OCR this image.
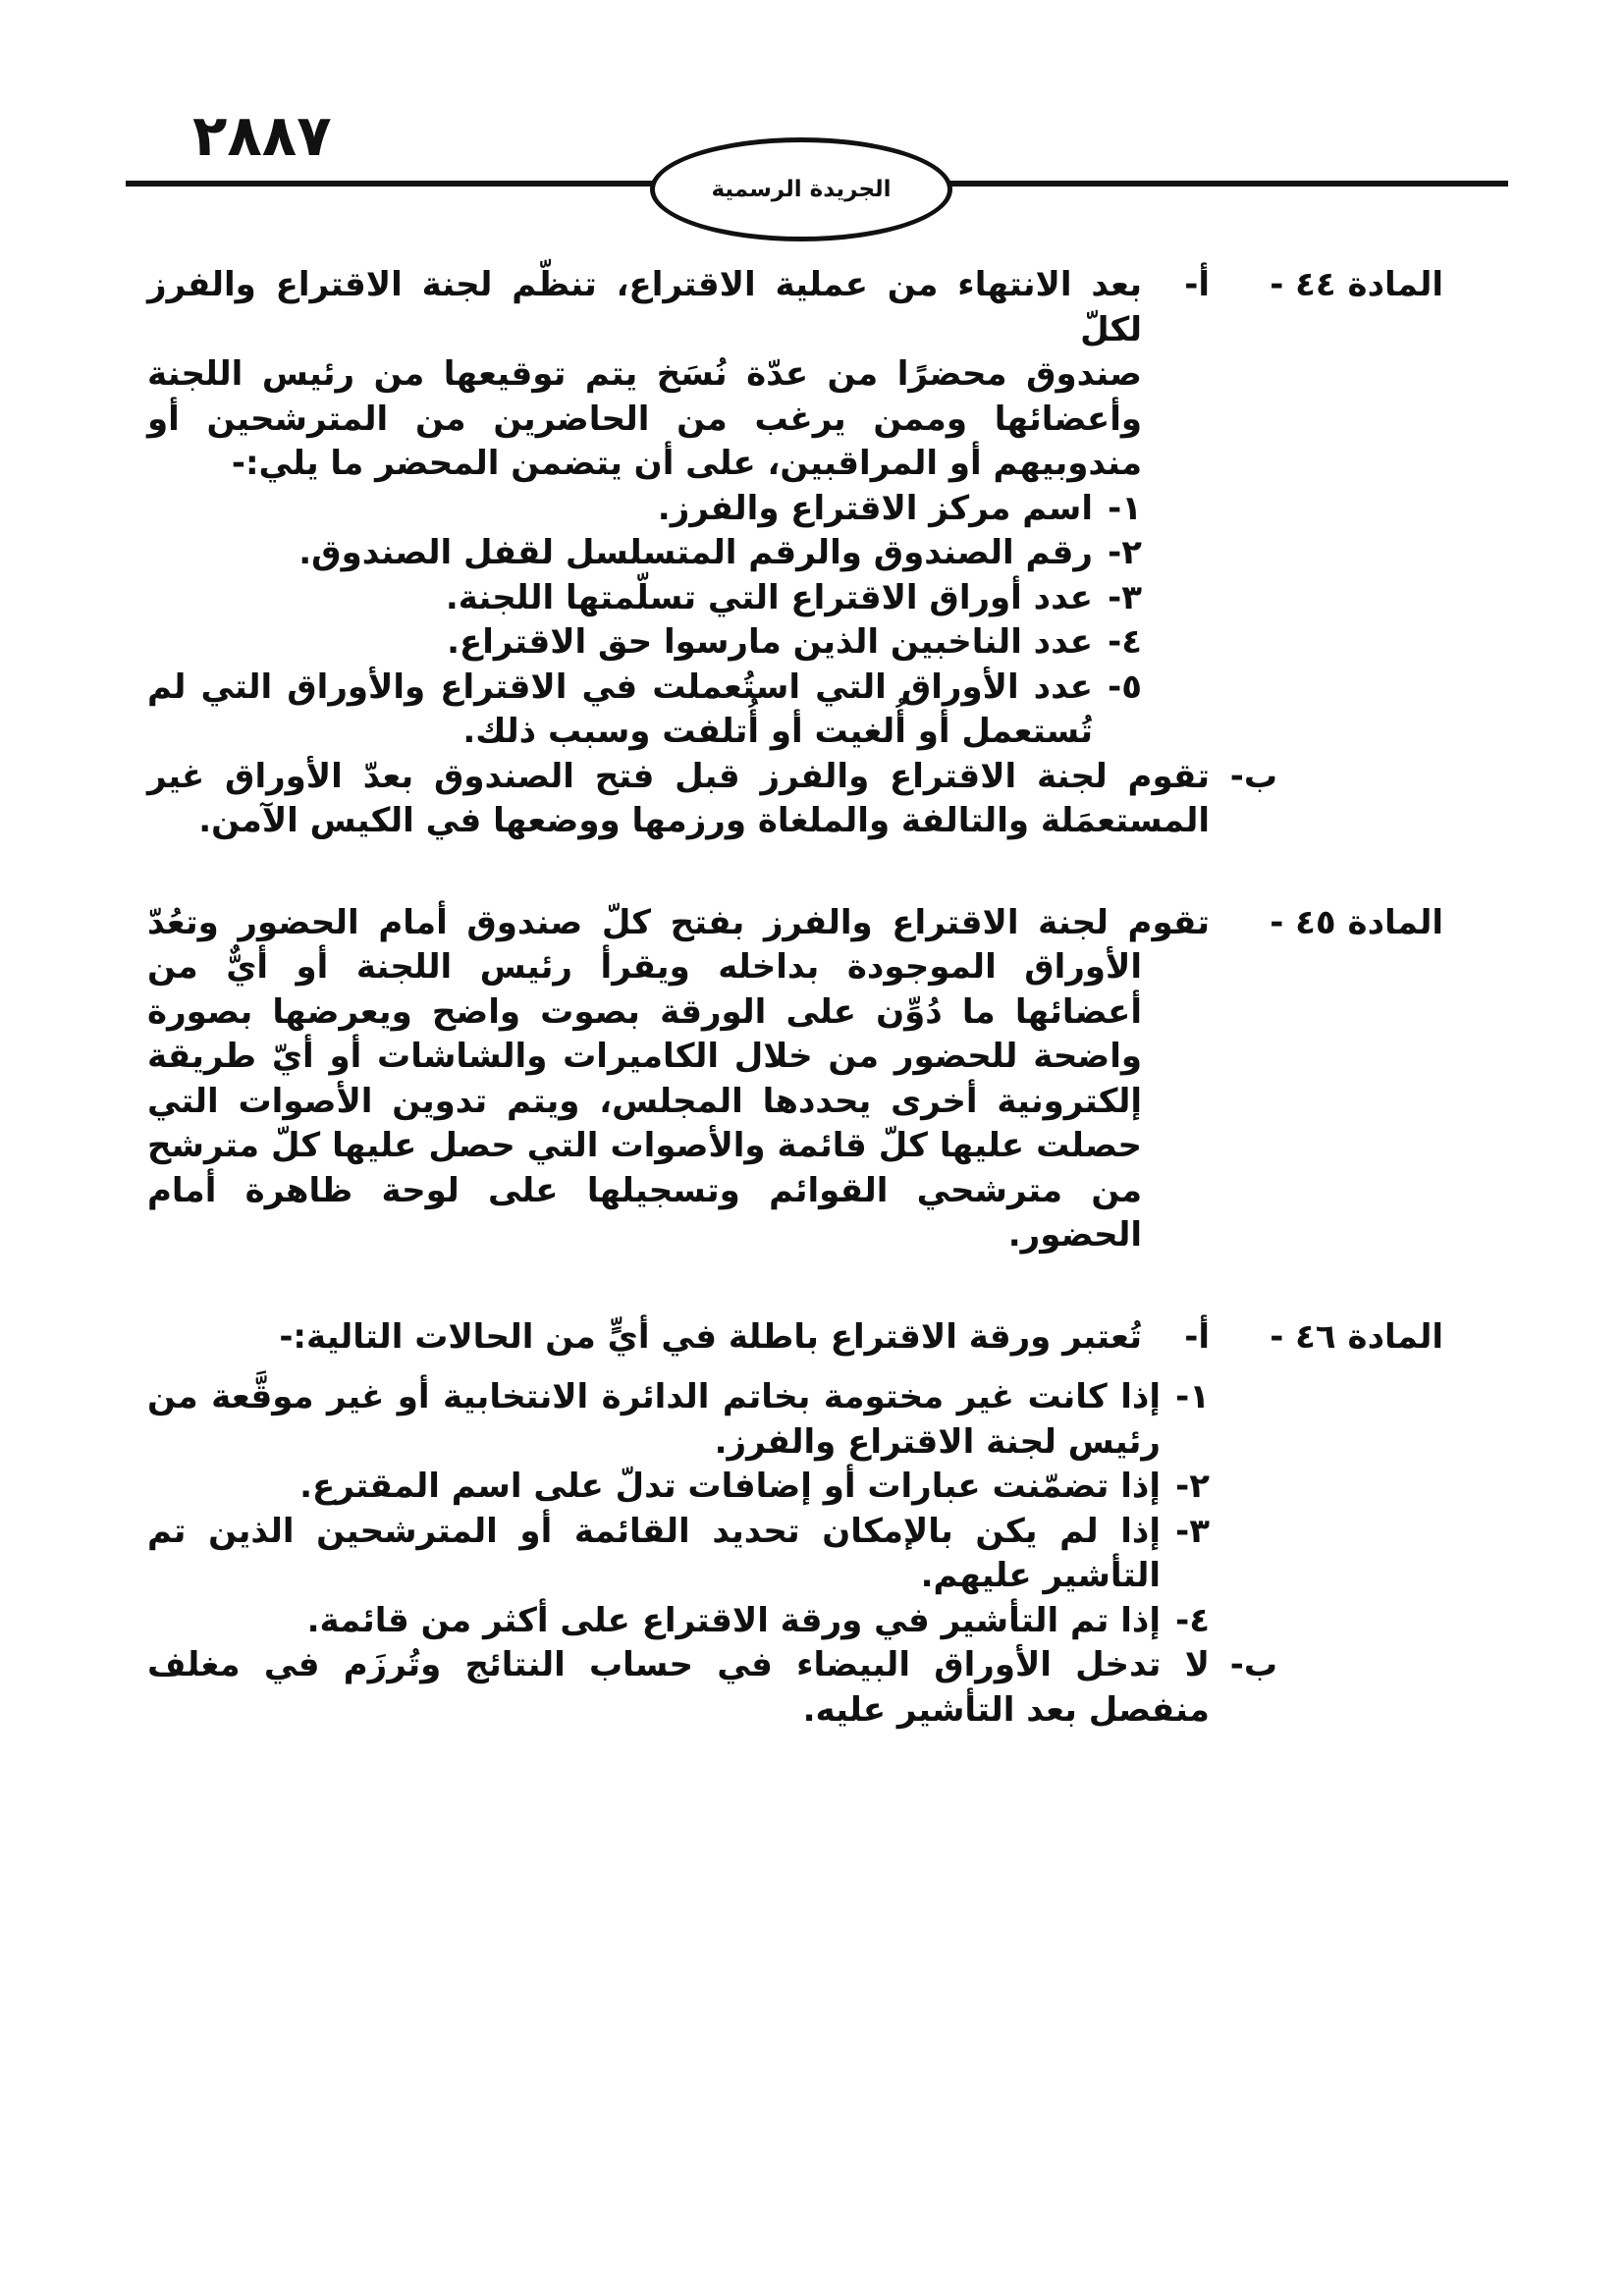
٢٨٨٧
الجريدة الرسمية
المادة ٤٤ -
أ-
بعد الانتهاء من عملية الاقتراع، تنظّم لجنة الاقتراع والفرز لكلّ
صندوق محضرًا من عدّة نُسَخ يتم توقيعها من رئيس اللجنة وأعضائها وممن يرغب من الحاضرين من المترشحين أو مندوبيهم أو المراقبين، على أن يتضمن المحضر ما يلي:-
١-
اسم مركز الاقتراع والفرز.
٢-
رقم الصندوق والرقم المتسلسل لقفل الصندوق.
٣-
عدد أوراق الاقتراع التي تسلّمتها اللجنة.
٤-
عدد الناخبين الذين مارسوا حق الاقتراع.
٥-
عدد الأوراق التي استُعملت في الاقتراع والأوراق التي لم تُستعمل أو أُلغيت أو أُتلفت وسبب ذلك.
ب-
تقوم لجنة الاقتراع والفرز قبل فتح الصندوق بعدّ الأوراق غير المستعمَلة والتالفة والملغاة ورزمها ووضعها في الكيس الآمن.
المادة ٤٥ -
تقوم لجنة الاقتراع والفرز بفتح كلّ صندوق أمام الحضور وتعُدّ
الأوراق الموجودة بداخله ويقرأ رئيس اللجنة أو أيٌّ من أعضائها ما دُوِّن على الورقة بصوت واضح ويعرضها بصورة واضحة للحضور من خلال الكاميرات والشاشات أو أيّ طريقة إلكترونية أخرى يحددها المجلس، ويتم تدوين الأصوات التي حصلت عليها كلّ قائمة والأصوات التي حصل عليها كلّ مترشح من مترشحي القوائم وتسجيلها على لوحة ظاهرة أمام الحضور.
المادة ٤٦ -
أ-
تُعتبر ورقة الاقتراع باطلة في أيٍّ من الحالات التالية:-
١-
إذا كانت غير مختومة بخاتم الدائرة الانتخابية أو غير موقَّعة من رئيس لجنة الاقتراع والفرز.
٢-
إذا تضمّنت عبارات أو إضافات تدلّ على اسم المقترع.
٣-
إذا لم يكن بالإمكان تحديد القائمة أو المترشحين الذين تم التأشير عليهم.
٤-
إذا تم التأشير في ورقة الاقتراع على أكثر من قائمة.
ب-
لا تدخل الأوراق البيضاء في حساب النتائج وتُرزَم في مغلف منفصل بعد التأشير عليه.
